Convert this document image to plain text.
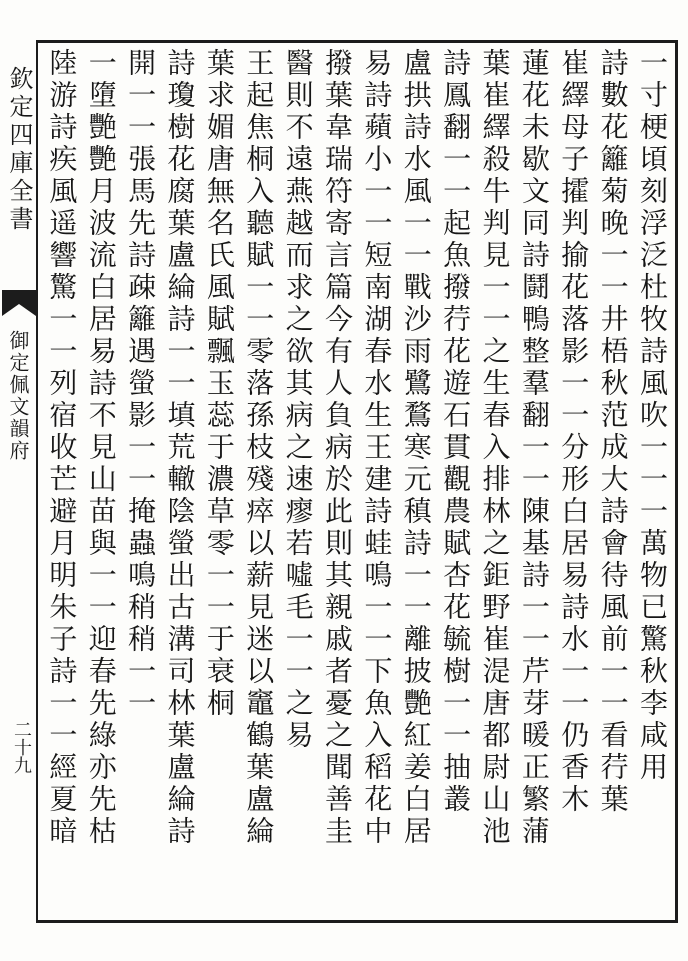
欽定四庫全書
御定佩文韻府
二十九	一寸梗頃刻浮泛杜牧詩風吹一一一萬物已驚秋李咸用
詩數花籬菊晚一一井梧秋范成大詩會待風前一一看荇葉
崔繹母子攉判揄花落影一一分形白居易詩水一一仍香木
蓮花未歇文同詩鬪鴨整羣翻一一陳基詩一一芹芽暖正繁蒲
葉崔繹殺牛判見一一之生春入排林之鉅野崔湜唐都尉山池
詩鳳翻一一起魚撥荇花遊石貫觀農賦杏花毓樹一一抽叢
盧拱詩水風一一戰沙雨鷺鶩寒元稹詩一一離披艷紅姜白居
易詩蘋小一一短南湖春水生王建詩蛙鳴一一下魚入稻花中
撥葉韋瑞符寄言篇今有人負病於此則其親戚者憂之聞善圭
醫則不遠燕越而求之欲其病之速瘳若噓毛一一之易
王起焦桐入聽賦一一零落孫枝殘瘁以薪見迷以竈鶴葉盧綸
葉求媚唐無名氏風賦飄玉蕊于濃草零一一于衰桐
詩瓊樹花腐葉盧綸詩一一填荒轍陰螢出古溝司林葉盧綸詩
開一一張馬先詩疎籬遇螢影一一掩蟲鳴稍稍一一
一墮艷艷月波流白居易詩不見山苗與一一迎春先綠亦先枯
陸游詩疾風遥響驚一一列宿收芒避月明朱子詩一一經夏暗
